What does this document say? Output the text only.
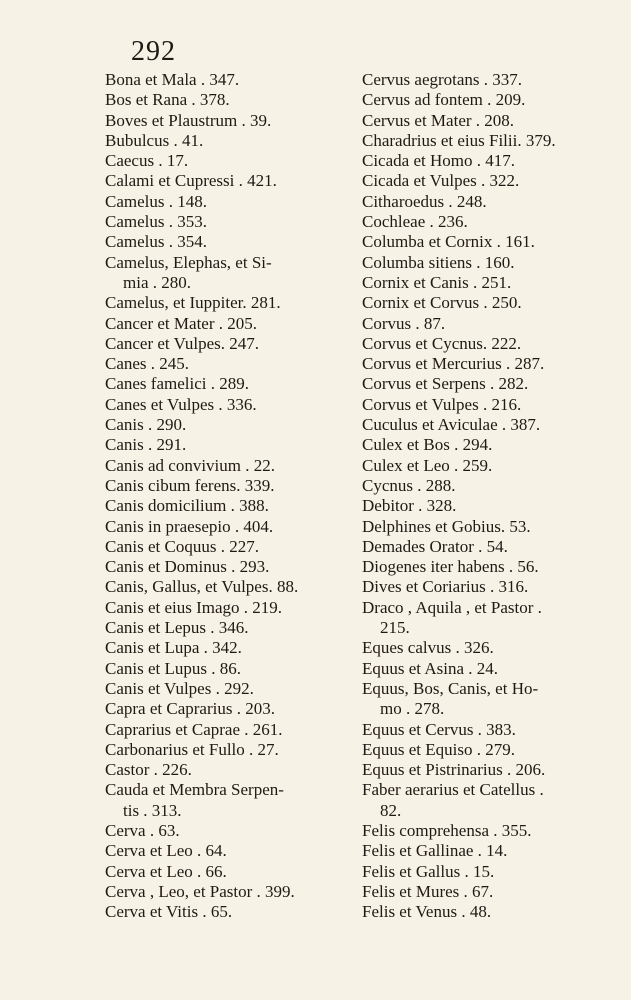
292
Bona et Mala . 347.
Bos et Rana . 378.
Boves et Plaustrum . 39.
Bubulcus . 41.
Caecus . 17.
Calami et Cupressi . 421.
Camelus . 148.
Camelus . 353.
Camelus . 354.
Camelus, Elephas, et Si-
mia . 280.
Camelus, et Iuppiter. 281.
Cancer et Mater . 205.
Cancer et Vulpes. 247.
Canes . 245.
Canes famelici . 289.
Canes et Vulpes . 336.
Canis . 290.
Canis . 291.
Canis ad convivium . 22.
Canis cibum ferens. 339.
Canis domicilium . 388.
Canis in praesepio . 404.
Canis et Coquus . 227.
Canis et Dominus . 293.
Canis, Gallus, et Vulpes. 88.
Canis et eius Imago . 219.
Canis et Lepus . 346.
Canis et Lupa . 342.
Canis et Lupus . 86.
Canis et Vulpes . 292.
Capra et Caprarius . 203.
Caprarius et Caprae . 261.
Carbonarius et Fullo . 27.
Castor . 226.
Cauda et Membra Serpen-
tis . 313.
Cerva . 63.
Cerva et Leo . 64.
Cerva et Leo . 66.
Cerva , Leo, et Pastor . 399.
Cerva et Vitis . 65.
Cervus aegrotans . 337.
Cervus ad fontem . 209.
Cervus et Mater . 208.
Charadrius et eius Filii. 379.
Cicada et Homo . 417.
Cicada et Vulpes . 322.
Citharoedus . 248.
Cochleae . 236.
Columba et Cornix . 161.
Columba sitiens . 160.
Cornix et Canis . 251.
Cornix et Corvus . 250.
Corvus . 87.
Corvus et Cycnus. 222.
Corvus et Mercurius . 287.
Corvus et Serpens . 282.
Corvus et Vulpes . 216.
Cuculus et Aviculae . 387.
Culex et Bos . 294.
Culex et Leo . 259.
Cycnus . 288.
Debitor . 328.
Delphines et Gobius. 53.
Demades Orator . 54.
Diogenes iter habens . 56.
Dives et Coriarius . 316.
Draco , Aquila , et Pastor .
215.
Eques calvus . 326.
Equus et Asina . 24.
Equus, Bos, Canis, et Ho-
mo . 278.
Equus et Cervus . 383.
Equus et Equiso . 279.
Equus et Pistrinarius . 206.
Faber aerarius et Catellus .
82.
Felis comprehensa . 355.
Felis et Gallinae . 14.
Felis et Gallus . 15.
Felis et Mures . 67.
Felis et Venus . 48.
